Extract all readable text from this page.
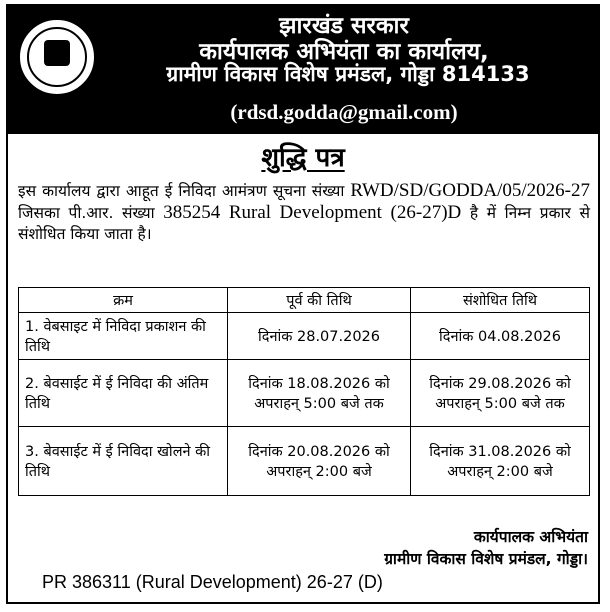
झारखंड सरकार
कार्यपालक अभियंता का कार्यालय,
ग्रामीण विकास विशेष प्रमंडल, गोड्डा 814133
(rdsd.godda@gmail.com)
शुद्धि पत्र
इस कार्यालय द्वारा आहूत ई निविदा आमंत्रण सूचना संख्या RWD/SD/GODDA/05/2026-27 जिसका पी.आर. संख्या 385254 Rural Development (26-27)D है में निम्न प्रकार से संशोधित किया जाता है।
क्रम	पूर्व की तिथि	संशोधित तिथि
1. वेबसाइट में निविदा प्रकाशन की तिथि	दिनांक 28.07.2026	दिनांक 04.08.2026
2. बेवसाईट में ई निविदा की अंतिम तिथि	दिनांक 18.08.2026 को अपराहन् 5:00 बजे तक	दिनांक 29.08.2026 को अपराहन् 5:00 बजे तक
3. बेवसाईट में ई निविदा खोलने की तिथि	दिनांक 20.08.2026 को अपराहन् 2:00 बजे	दिनांक 31.08.2026 को अपराहन् 2:00 बजे
कार्यपालक अभियंता
ग्रामीण विकास विशेष प्रमंडल, गोड्डा।
PR 386311 (Rural Development) 26-27 (D)
